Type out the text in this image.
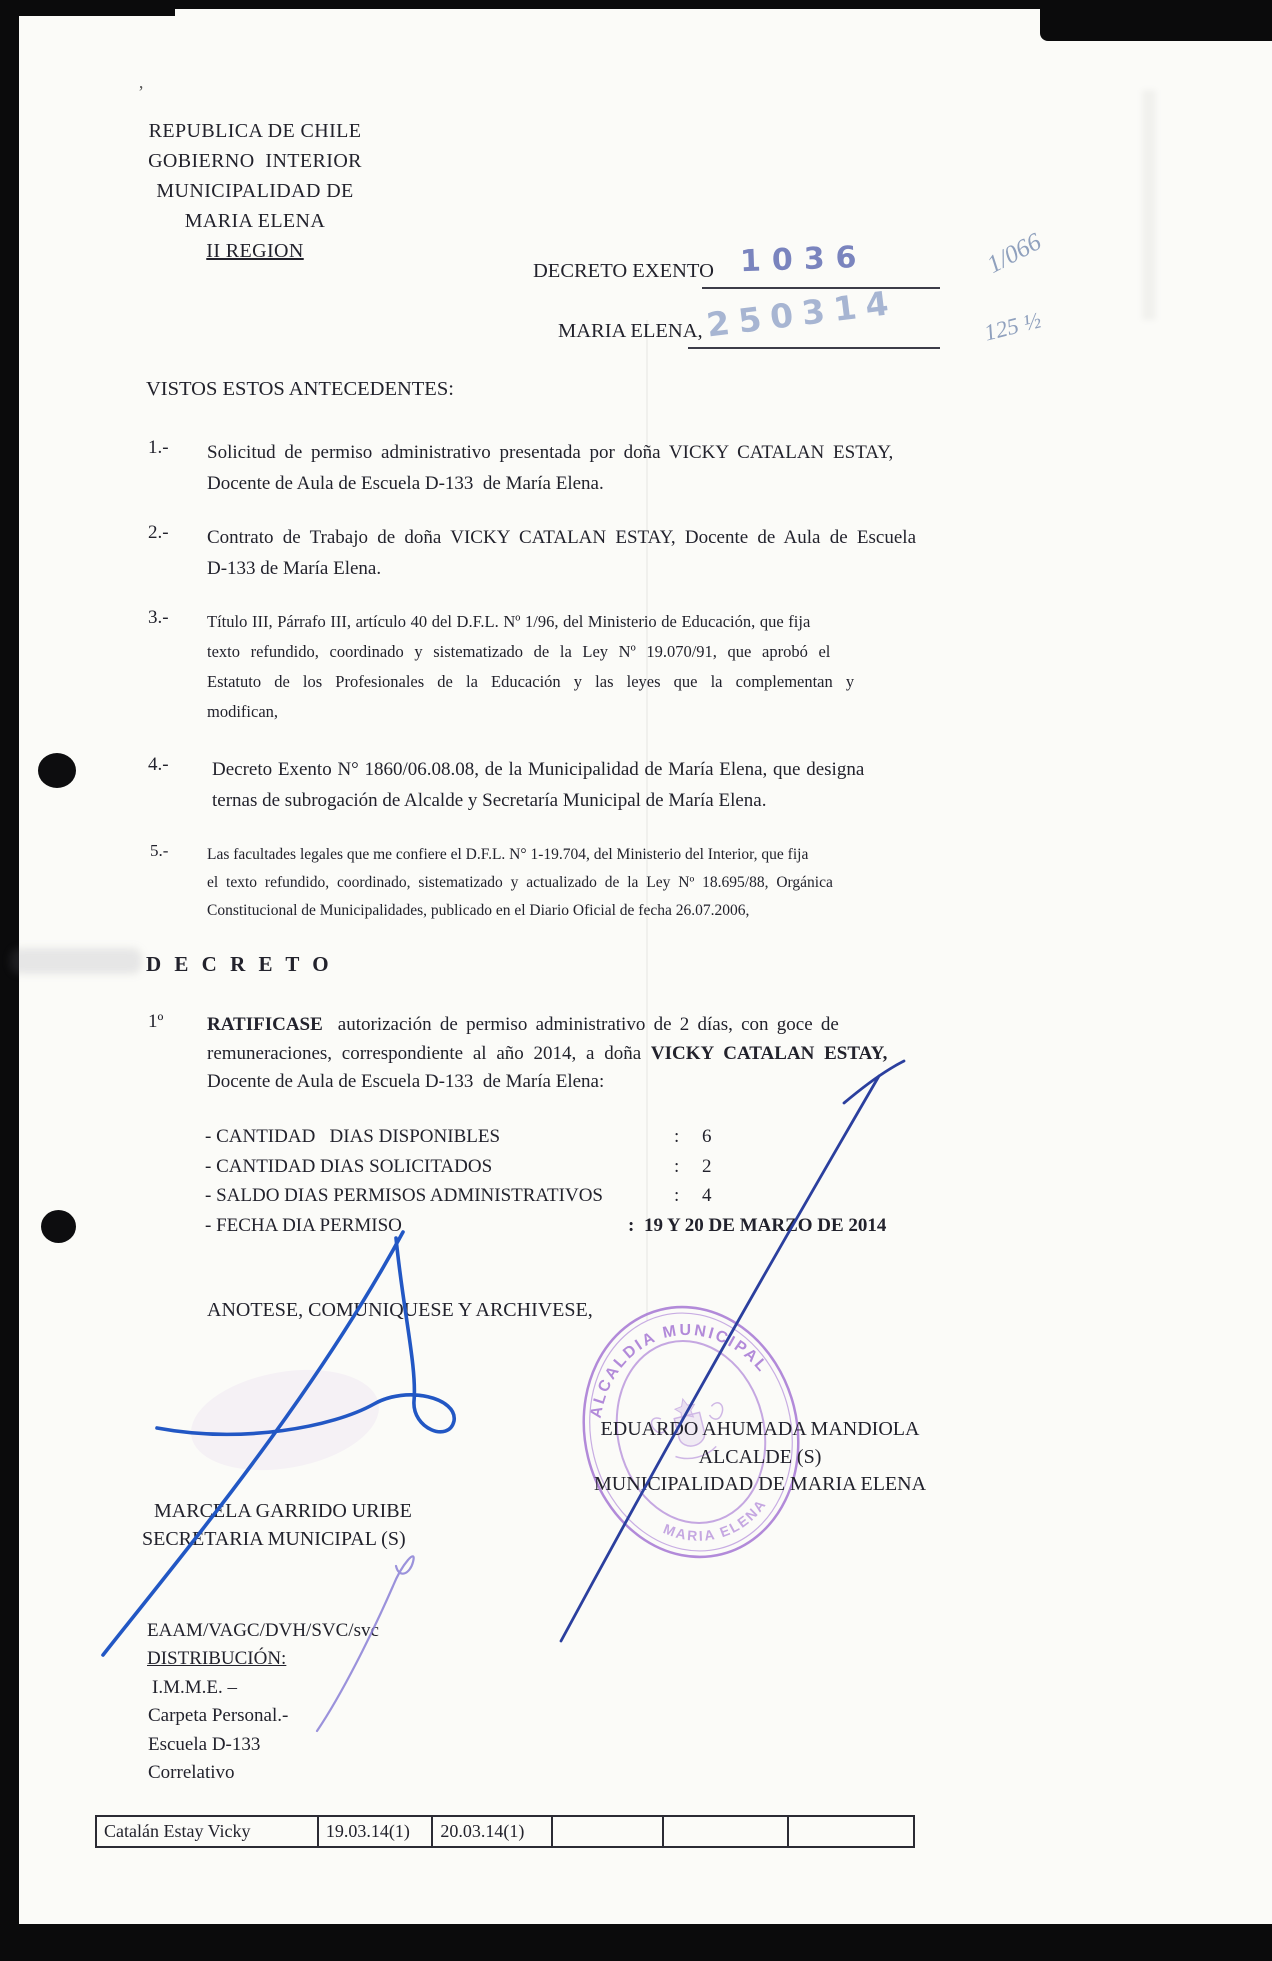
’
REPUBLICA DE CHILE
GOBIERNO  INTERIOR
MUNICIPALIDAD DE
MARIA ELENA
II REGION
DECRETO EXENTO 1036	1/066
MARIA ELENA, 250314	125 ½
VISTOS ESTOS ANTECEDENTES:
1.- Solicitud de permiso administrativo presentada por doña VICKY CATALAN ESTAY,
Docente de Aula de Escuela D-133  de María Elena.
2.- Contrato de Trabajo de doña VICKY CATALAN ESTAY, Docente de Aula de Escuela
D-133 de María Elena.
3.- Título III, Párrafo III, artículo 40 del D.F.L. Nº 1/96, del Ministerio de Educación, que fija
texto refundido, coordinado y sistematizado de la Ley Nº 19.070/91, que aprobó el
Estatuto de los Profesionales de la Educación y las leyes que la complementan y
modifican,
4.- Decreto Exento N° 1860/06.08.08, de la Municipalidad de María Elena, que designa
ternas de subrogación de Alcalde y Secretaría Municipal de María Elena.
5.- Las facultades legales que me confiere el D.F.L. N° 1-19.704, del Ministerio del Interior, que fija
el texto refundido, coordinado, sistematizado y actualizado de la Ley Nº 18.695/88, Orgánica
Constitucional de Municipalidades, publicado en el Diario Oficial de fecha 26.07.2006,
D E C R E T O
1º RATIFICASE autorización de permiso administrativo de 2 días, con goce de
remuneraciones, correspondiente al año 2014, a doña VICKY CATALAN ESTAY,
Docente de Aula de Escuela D-133  de María Elena:
- CANTIDAD   DIAS DISPONIBLES	: 6
- CANTIDAD DIAS SOLICITADOS	: 2
- SALDO DIAS PERMISOS ADMINISTRATIVOS	: 4
- FECHA DIA PERMISO	: 19 Y 20 DE MARZO DE 2014
ANOTESE, COMUNIQUESE Y ARCHIVESE,
ALCALDIA MUNICIPAL
MARIA ELENA
EDUARDO AHUMADA MANDIOLA
ALCALDE (S)
MUNICIPALIDAD DE MARIA ELENA
MARCELA GARRIDO URIBE
SECRETARIA MUNICIPAL (S)
EAAM/VAGC/DVH/SVC/svc
DISTRIBUCIÓN:
I.M.M.E. –
Carpeta Personal.-
Escuela D-133
Correlativo
Catalán Estay Vicky	19.03.14(1)	20.03.14(1)
